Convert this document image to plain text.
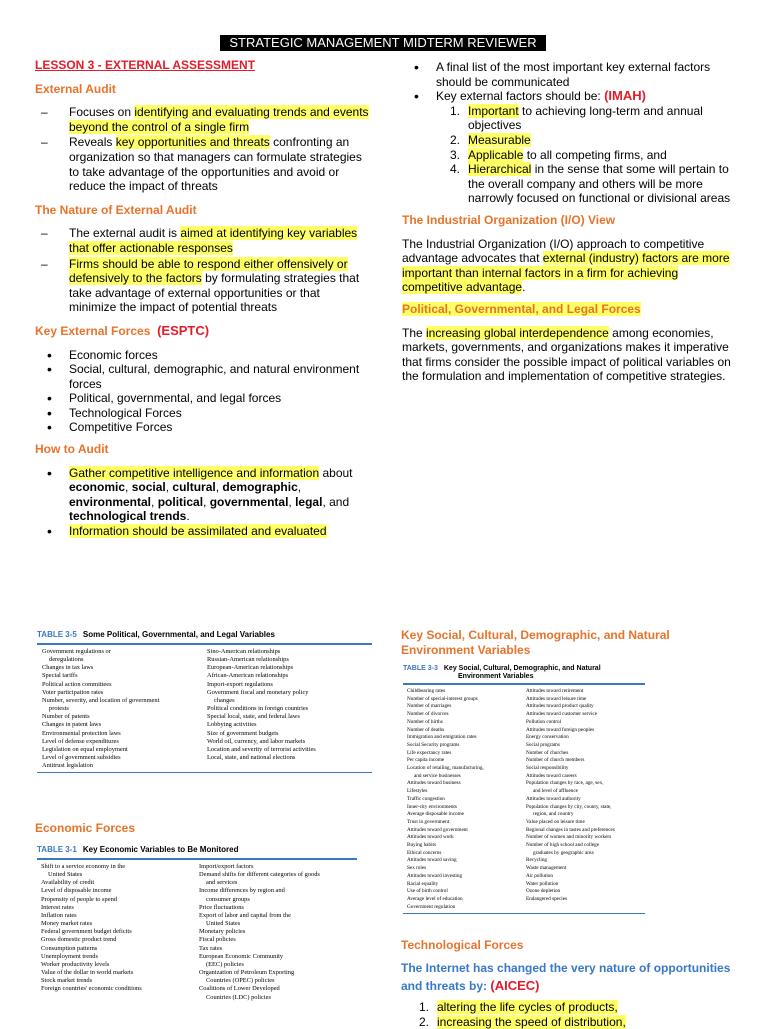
STRATEGIC MANAGEMENT MIDTERM REVIEWER
LESSON 3 - EXTERNAL ASSESSMENT
External Audit
– Focuses on identifying and evaluating trends and events beyond the control of a single firm
– Reveals key opportunities and threats confronting an organization so that managers can formulate strategies to take advantage of the opportunities and avoid or reduce the impact of threats
The Nature of External Audit
– The external audit is aimed at identifying key variables that offer actionable responses
– Firms should be able to respond either offensively or defensively to the factors by formulating strategies that take advantage of external opportunities or that minimize the impact of potential threats
Key External Forces (ESPTC)
• Economic forces
• Social, cultural, demographic, and natural environment forces
• Political, governmental, and legal forces
• Technological Forces
• Competitive Forces
How to Audit
• Gather competitive intelligence and information about economic, social, cultural, demographic, environmental, political, governmental, legal, and technological trends.
• Information should be assimilated and evaluated
• A final list of the most important key external factors should be communicated
• Key external factors should be: (IMAH)
1. Important to achieving long-term and annual objectives
2. Measurable
3. Applicable to all competing firms, and
4. Hierarchical in the sense that some will pertain to the overall company and others will be more narrowly focused on functional or divisional areas
The Industrial Organization (I/O) View

The Industrial Organization (I/O) approach to competitive advantage advocates that external (industry) factors are more important than internal factors in a firm for achieving competitive advantage.

Political, Governmental, and Legal Forces

The increasing global interdependence among economies, markets, governments, and organizations makes it imperative that firms consider the possible impact of political variables on the formulation and implementation of competitive strategies.

TABLE 3-5 Some Political, Governmental, and Legal Variables
Government regulations or
deregulations
Changes in tax laws
Special tariffs
Political action committees
Voter participation rates
Number, severity, and location of government
protests
Number of patents
Changes in patent laws
Environmental protection laws
Level of defense expenditures
Legislation on equal employment
Level of government subsidies
Antitrust legislation
Sino-American relationships
Russian-American relationships
European-American relationships
African-American relationships
Import-export regulations
Government fiscal and monetary policy
changes
Political conditions in foreign countries
Special local, state, and federal laws
Lobbying activities
Size of government budgets
World oil, currency, and labor markets
Location and severity of terrorist activities
Local, state, and national elections
Economic Forces
TABLE 3-1 Key Economic Variables to Be Monitored
Shift to a service economy in the
United States
Availability of credit
Level of disposable income
Propensity of people to spend
Interest rates
Inflation rates
Money market rates
Federal government budget deficits
Gross domestic product trend
Consumption patterns
Unemployment trends
Worker productivity levels
Value of the dollar in world markets
Stock market trends
Foreign countries' economic conditions
Import/export factors
Demand shifts for different categories of goods
and services
Income differences by region and
consumer groups
Price fluctuations
Export of labor and capital from the
United States
Monetary policies
Fiscal policies
Tax rates
European Economic Community
(EEC) policies
Organization of Petroleum Exporting
Countries (OPEC) policies
Coalitions of Lower Developed
Countries (LDC) policies
Key Social, Cultural, Demographic, and Natural Environment Variables
TABLE 3-3 Key Social, Cultural, Demographic, and Natural Environment Variables
Childbearing rates
Number of special-interest groups
Number of marriages
Number of divorces
Number of births
Number of deaths
Immigration and emigration rates
Social Security programs
Life expectancy rates
Per capita income
Location of retailing, manufacturing,
and service businesses
Attitudes toward business
Lifestyles
Traffic congestion
Inner-city environments
Average disposable income
Trust in government
Attitudes toward government
Attitudes toward work
Buying habits
Ethical concerns
Attitudes toward saving
Sex roles
Attitudes toward investing
Racial equality
Use of birth control
Average level of education
Government regulation
Attitudes toward retirement
Attitudes toward leisure time
Attitudes toward product quality
Attitudes toward customer service
Pollution control
Attitudes toward foreign peoples
Energy conservation
Social programs
Number of churches
Number of church members
Social responsibility
Attitudes toward careers
Population changes by race, age, sex,
and level of affluence
Attitudes toward authority
Population changes by city, county, state,
region, and country
Value placed on leisure time
Regional changes in tastes and preferences
Number of women and minority workers
Number of high school and college
graduates by geographic area
Recycling
Waste management
Air pollution
Water pollution
Ozone depletion
Endangered species
Technological Forces
The Internet has changed the very nature of opportunities and threats by: (AICEC)
1. altering the life cycles of products,
2. increasing the speed of distribution,
